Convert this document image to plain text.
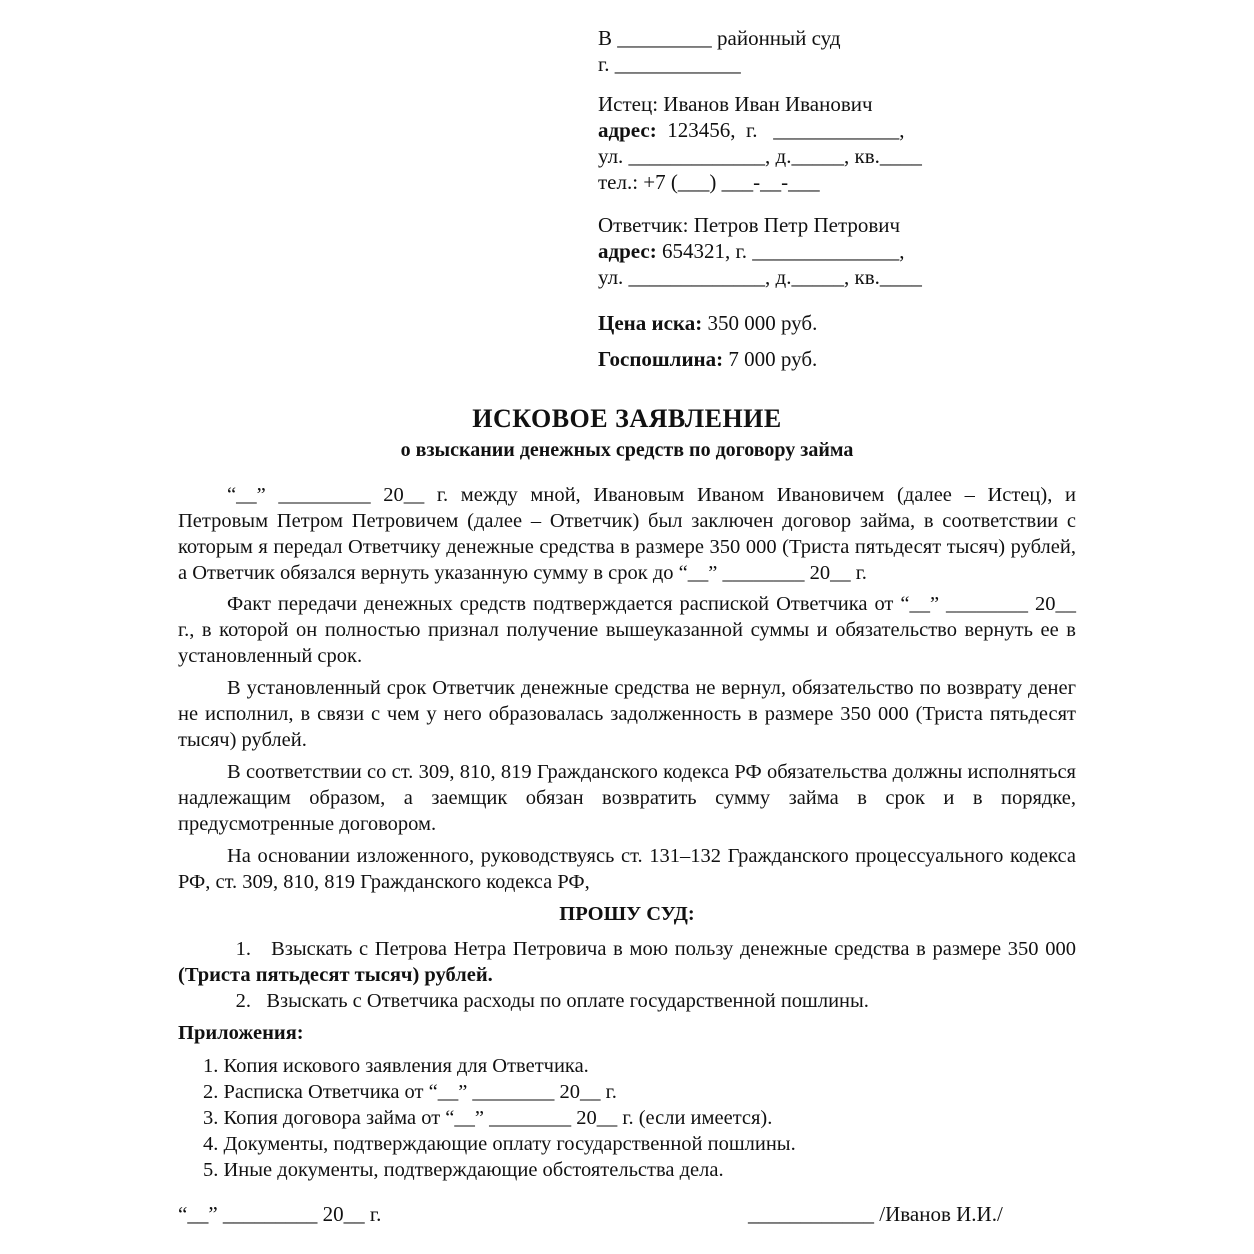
В _________ районный суд
г. ____________
Истец: Иванов Иван Иванович
адрес:  123456,  г.   ____________,
ул. _____________, д._____, кв.____
тел.: +7 (___) ___-__-___
Ответчик: Петров Петр Петрович
адрес: 654321, г. ______________,
ул. _____________, д._____, кв.____
Цена иска: 350 000 руб.
Госпошлина: 7 000 руб.
ИСКОВОЕ ЗАЯВЛЕНИЕ
о взыскании денежных средств по договору займа
“__” _________ 20__ г. между мной, Ивановым Иваном Ивановичем (далее – Истец), и Петровым Петром Петровичем (далее – Ответчик) был заключен договор займа, в соответствии с которым я передал Ответчику денежные средства в размере 350 000 (Триста пятьдесят тысяч) рублей, а Ответчик обязался вернуть указанную сумму в срок до “__” ________ 20__ г.
Факт передачи денежных средств подтверждается распиской Ответчика от “__” ________ 20__ г., в которой он полностью признал получение вышеуказанной суммы и обязательство вернуть ее в установленный срок.
В установленный срок Ответчик денежные средства не вернул, обязательство по возврату денег не исполнил, в связи с чем у него образовалась задолженность в размере 350 000 (Триста пятьдесят тысяч) рублей.
В соответствии со ст. 309, 810, 819 Гражданского кодекса РФ обязательства должны исполняться надлежащим образом, а заемщик обязан возвратить сумму займа в срок и в порядке, предусмотренные договором.
На основании изложенного, руководствуясь ст. 131–132 Гражданского процессуального кодекса РФ, ст. 309, 810, 819 Гражданского кодекса РФ,
ПРОШУ СУД:
1. Взыскать с Петрова Нетра Петровича в мою пользу денежные средства в размере 350 000 (Триста пятьдесят тысяч) рублей.
2. Взыскать с Ответчика расходы по оплате государственной пошлины.
Приложения:
1. Копия искового заявления для Ответчика.
2. Расписка Ответчика от “__” ________ 20__ г.
3. Копия договора займа от “__” ________ 20__ г. (если имеется).
4. Документы, подтверждающие оплату государственной пошлины.
5. Иные документы, подтверждающие обстоятельства дела.
“__” _________ 20__ г.	____________ /Иванов И.И./
